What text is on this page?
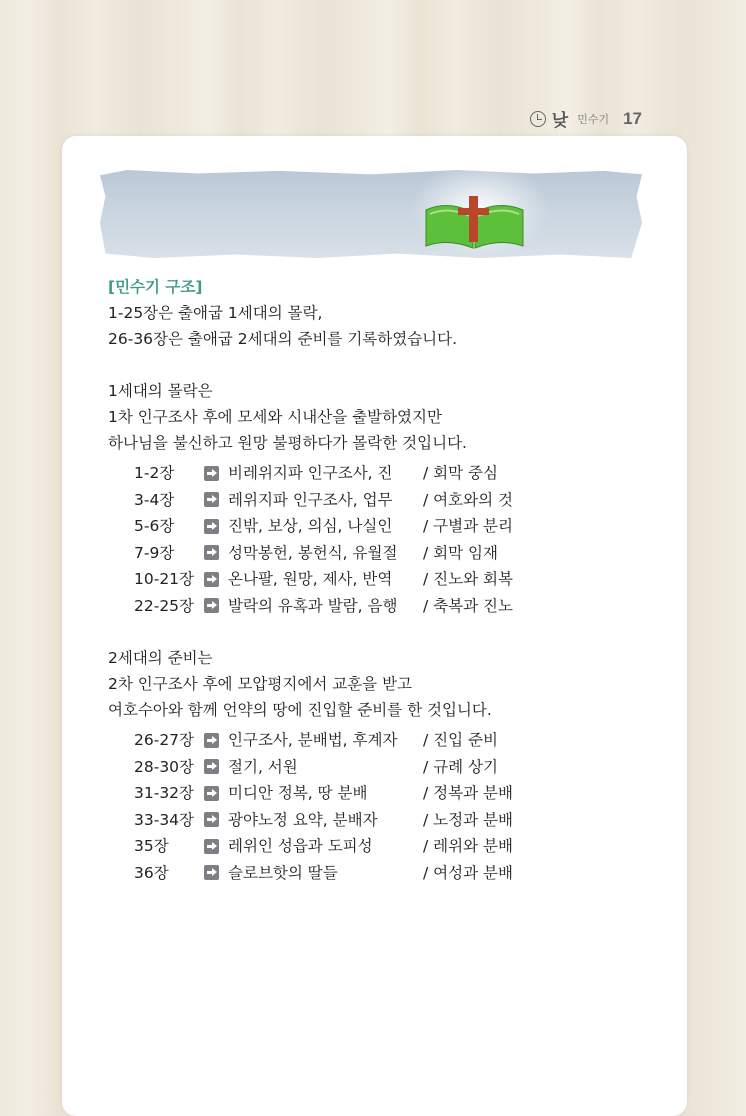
낮 민수기 17

[민수기 구조]

1-25장은 출애굽 1세대의 몰락,

26-36장은 출애굽 2세대의 준비를 기록하였습니다.

1세대의 몰락은

1차 인구조사 후에 모세와 시내산을 출발하였지만

하나님을 불신하고 원망 불평하다가 몰락한 것입니다.

1-2장	비레위지파 인구조사, 진	/ 회막 중심
3-4장	레위지파 인구조사, 업무	/ 여호와의 것
5-6장	진밖, 보상, 의심, 나실인	/ 구별과 분리
7-9장	성막봉헌, 봉헌식, 유월절	/ 회막 임재
10-21장	온나팔, 원망, 제사, 반역	/ 진노와 회복
22-25장	발락의 유혹과 발람, 음행	/ 축복과 진노

2세대의 준비는

2차 인구조사 후에 모압평지에서 교훈을 받고

여호수아와 함께 언약의 땅에 진입할 준비를 한 것입니다.

26-27장	인구조사, 분배법, 후계자	/ 진입 준비
28-30장	절기, 서원	/ 규례 상기
31-32장	미디안 정복, 땅 분배	/ 정복과 분배
33-34장	광야노정 요약, 분배자	/ 노정과 분배
35장	레위인 성읍과 도피성	/ 레위와 분배
36장	슬로브핫의 딸들	/ 여성과 분배
